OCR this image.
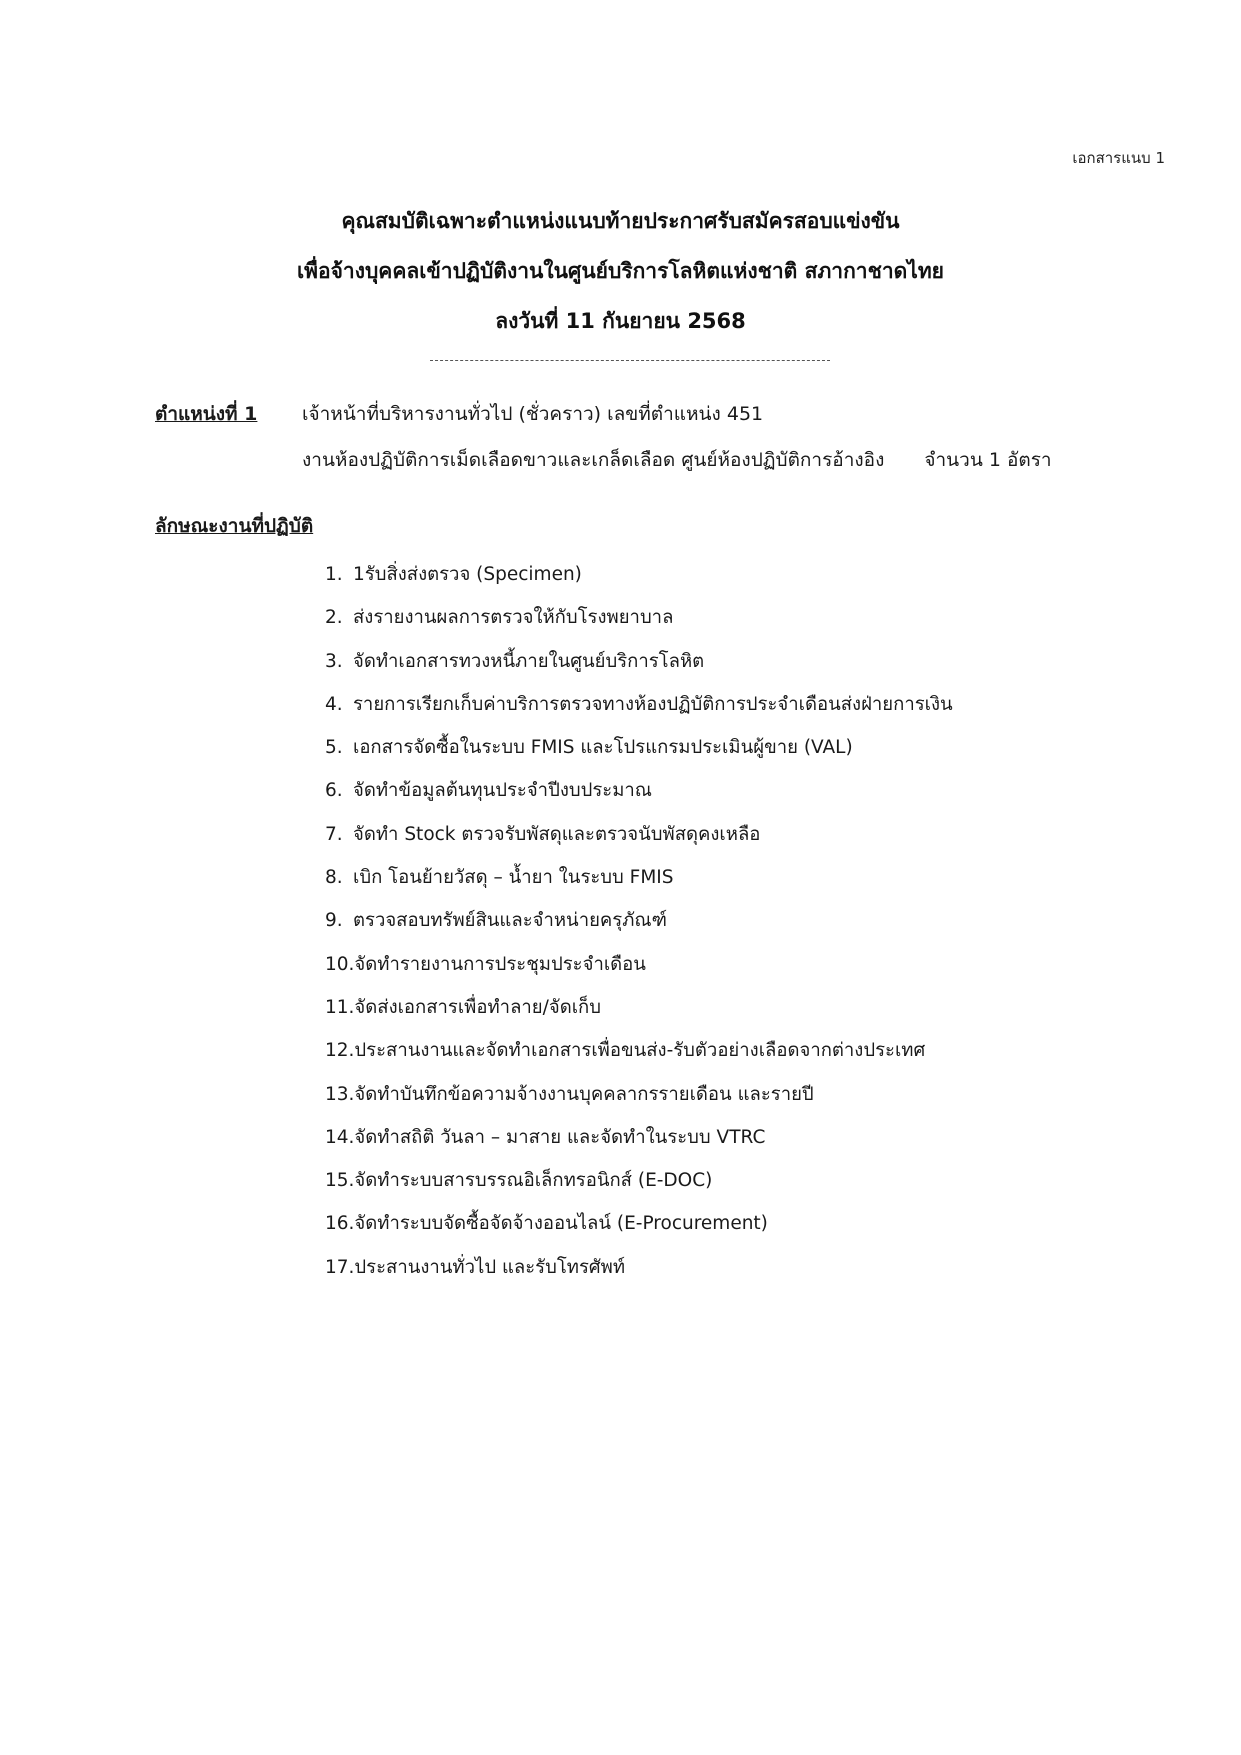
เอกสารแนบ 1
คุณสมบัติเฉพาะตำแหน่งแนบท้ายประกาศรับสมัครสอบแข่งขัน
เพื่อจ้างบุคคลเข้าปฏิบัติงานในศูนย์บริการโลหิตแห่งชาติ สภากาชาดไทย
ลงวันที่ 11 กันยายน 2568
ตำแหน่งที่ 1 เจ้าหน้าที่บริหารงานทั่วไป (ชั่วคราว) เลขที่ตำแหน่ง 451
งานห้องปฏิบัติการเม็ดเลือดขาวและเกล็ดเลือด ศูนย์ห้องปฏิบัติการอ้างอิง จำนวน 1 อัตรา
ลักษณะงานที่ปฏิบัติ
1. 1รับสิ่งส่งตรวจ (Specimen)
2. ส่งรายงานผลการตรวจให้กับโรงพยาบาล
3. จัดทำเอกสารทวงหนี้ภายในศูนย์บริการโลหิต
4. รายการเรียกเก็บค่าบริการตรวจทางห้องปฏิบัติการประจำเดือนส่งฝ่ายการเงิน
5. เอกสารจัดซื้อในระบบ FMIS และโปรแกรมประเมินผู้ขาย (VAL)
6. จัดทำข้อมูลต้นทุนประจำปีงบประมาณ
7. จัดทำ Stock ตรวจรับพัสดุและตรวจนับพัสดุคงเหลือ
8. เบิก โอนย้ายวัสดุ – น้ำยา ในระบบ FMIS
9. ตรวจสอบทรัพย์สินและจำหน่ายครุภัณฑ์
10.จัดทำรายงานการประชุมประจำเดือน
11.จัดส่งเอกสารเพื่อทำลาย/จัดเก็บ
12.ประสานงานและจัดทำเอกสารเพื่อขนส่ง-รับตัวอย่างเลือดจากต่างประเทศ
13.จัดทำบันทึกข้อความจ้างงานบุคคลากรรายเดือน และรายปี
14.จัดทำสถิติ วันลา – มาสาย และจัดทำในระบบ VTRC
15.จัดทำระบบสารบรรณอิเล็กทรอนิกส์ (E-DOC)
16.จัดทำระบบจัดซื้อจัดจ้างออนไลน์ (E-Procurement)
17.ประสานงานทั่วไป และรับโทรศัพท์
